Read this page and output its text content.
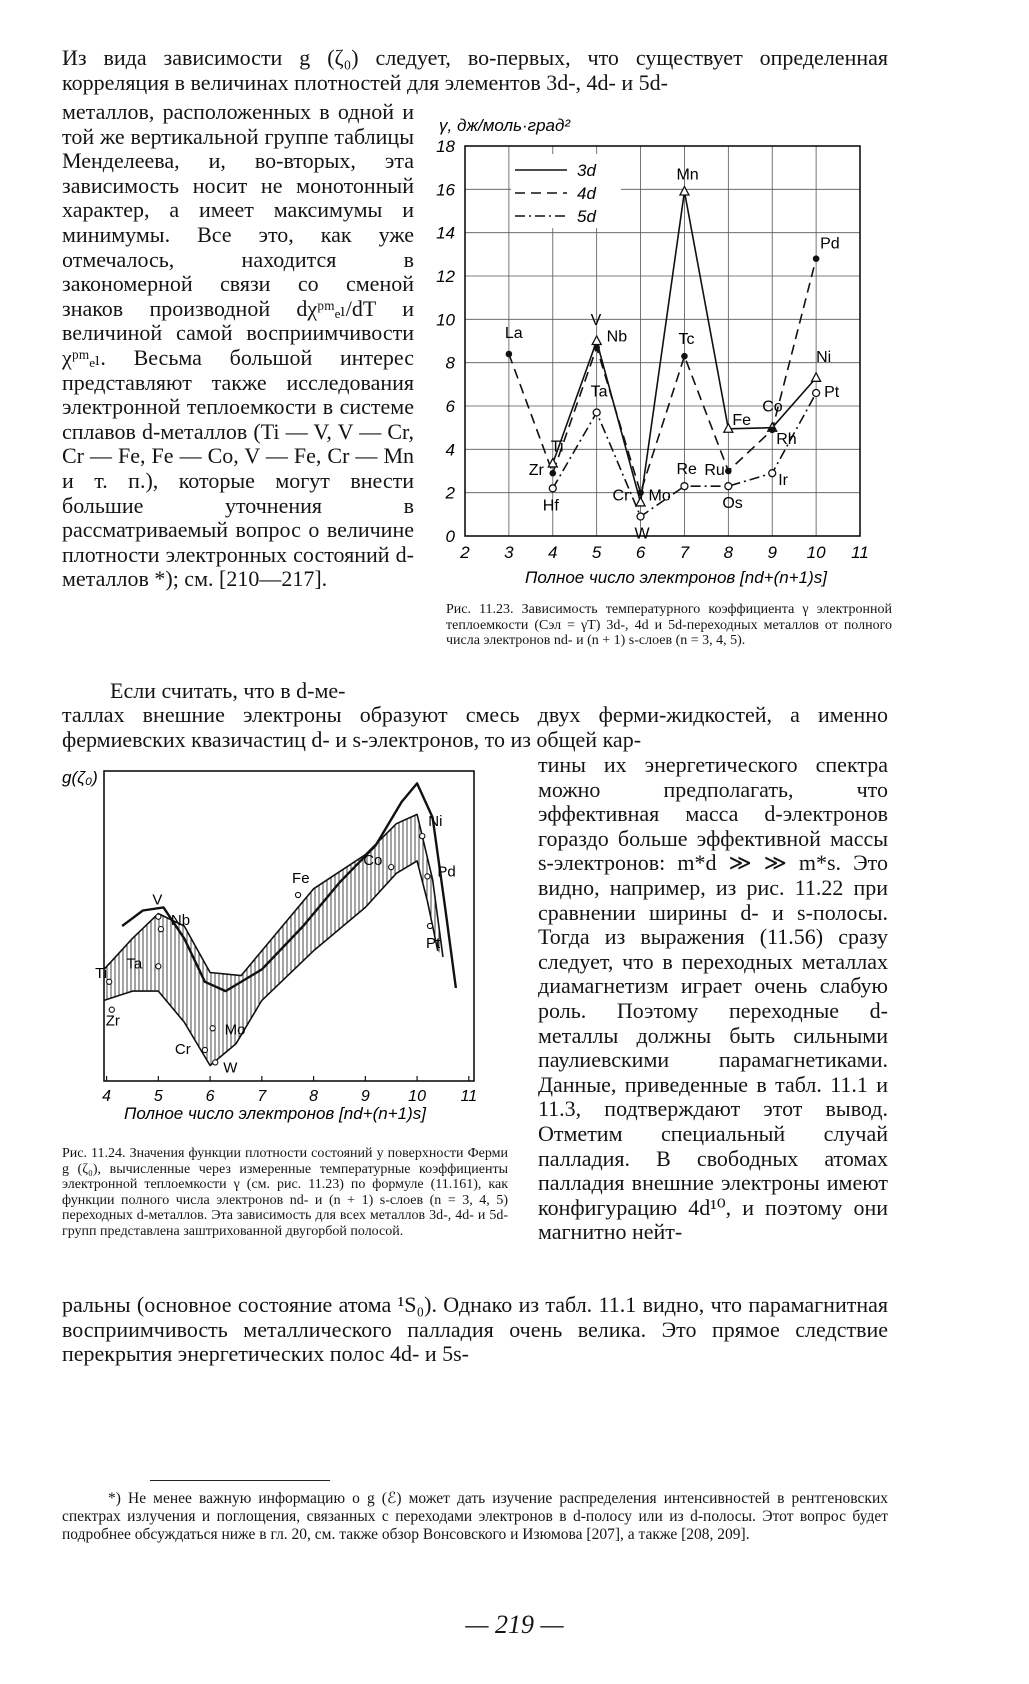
Из вида зависимости g (ζ₀) следует, во-первых, что существует определенная корреляция в величинах плотностей для элементов 3d-, 4d- и 5d-

металлов, расположенных в одной и той же вертикальной группе таблицы Менделеева, и, во-вторых, эта зависимость носит не монотонный характер, а имеет максимумы и минимумы. Все это, как уже отмечалось, находится в закономерной связи со сменой знаков производной dχᵖᵐₑₗ/dT и величиной самой восприимчивости χᵖᵐₑₗ. Весьма большой интерес представляют также исследования электронной теплоемкости в системе сплавов d-металлов (Ti — V, V — Cr, Cr — Fe, Fe — Co, V — Fe, Cr — Mn и т. п.), которые могут внести большие уточнения в рассматриваемый вопрос о величине плотности электронных состояний d-металлов *); см. [210—217].

2 3 4 5 6 7 8 9 10 11
0
2
4
6
8
10
12
14
16
18
Ti
V
Cr
Mn
Fe
Co
Ni
La
Zr
Nb
Mo
Tc
Ru
Rh
Pd
Hf
Ta
W
Re
Os
Ir
Pt
3d
4d
5d
γ, дж/моль·град²
Полное число электронов [nd+(n+1)s]
Рис. 11.23. Зависимость температурного коэффициента γ электронной теплоемкости (Cэл = γT) 3d-, 4d и 5d-переходных металлов от полного числа электронов nd- и (n + 1) s-слоев (n = 3, 4, 5).

Если считать, что в d-ме-

таллах внешние электроны образуют смесь двух ферми-жидкостей, а именно фермиевских квазичастиц d- и s-электронов, то из общей кар-

тины их энергетического спектра можно предполагать, что эффективная масса d-электронов гораздо больше эффективной массы s-электронов: m*d ≫ ≫ m*s. Это видно, например, из рис. 11.22 при сравнении ширины d- и s-полосы. Тогда из выражения (11.56) сразу следует, что в переходных металлах диамагнетизм играет очень слабую роль. Поэтому переходные d-металлы должны быть сильными паулиевскими парамагнетиками. Данные, приведенные в табл. 11.1 и 11.3, подтверждают этот вывод. Отметим специальный случай палладия. В свободных атомах палладия внешние электроны имеют конфигурацию 4d¹⁰, и поэтому они магнитно нейт-

ральны (основное состояние атома ¹S₀). Однако из табл. 11.1 видно, что парамагнитная восприимчивость металлического палладия очень велика. Это прямое следствие перекрытия энергетических полос 4d- и 5s-

Ti
Zr
V
Nb
Ta
Cr
Mo
W
Fe
Co
Ni
Pd
Pt
4	5	6	7	8	9 10 11
g(ζ₀)
Полное число электронов [nd+(n+1)s]
Рис. 11.24. Значения функции плотности состояний у поверхности Ферми g (ζ₀), вычисленные через измеренные температурные коэффициенты электронной теплоемкости γ (см. рис. 11.23) по формуле (11.161), как функции полного числа электронов nd- и (n + 1) s-слоев (n = 3, 4, 5) переходных d-металлов. Эта зависимость для всех металлов 3d-, 4d- и 5d-групп представлена заштрихованной двугорбой полосой.

*) Не менее важную информацию о g (ℰ) может дать изучение распределения интенсивностей в рентгеновских спектрах излучения и поглощения, связанных с переходами электронов в d-полосу или из d-полосы. Этот вопрос будет подробнее обсуждаться ниже в гл. 20, см. также обзор Вонсовского и Изюмова [207], а также [208, 209].

— 219 —
